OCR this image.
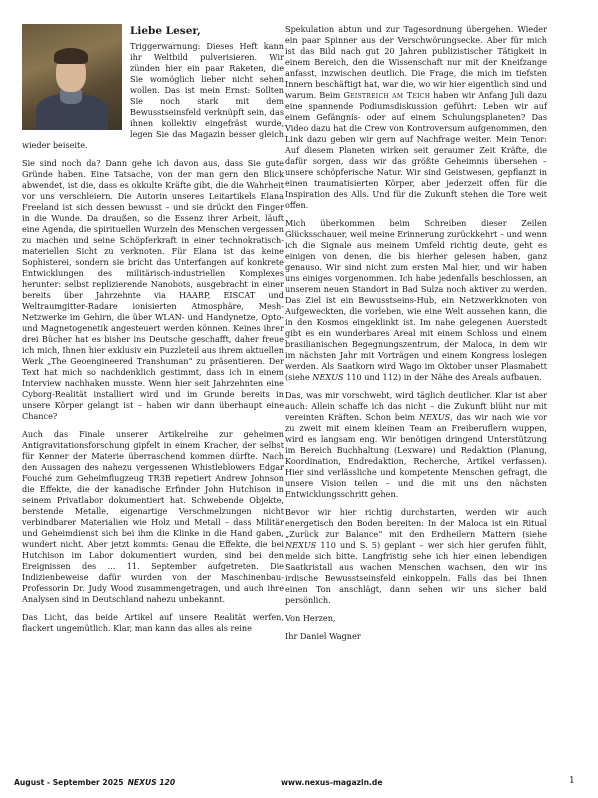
Liebe Leser,

Triggerwarnung: Dieses Heft kann ihr Weltbild pulverisieren. Wir zünden hier ein paar Raketen, die Sie womöglich lieber nicht sehen wollen. Das ist mein Ernst: Sollten Sie noch stark mit dem Bewusstseinsfeld verknüpft sein, das ihnen kollektiv eingefräst wurde, legen Sie das Magazin besser gleich wieder beiseite.

Sie sind noch da? Dann gehe ich davon aus, dass Sie gute Gründe haben. Eine Tatsache, von der man gern den Blick abwendet, ist die, dass es okkulte Kräfte gibt, die die Wahrheit vor uns verschleiern. Die Autorin unseres Leitartikels Elana Freeland ist sich dessen bewusst – und sie drückt den Finger in die Wunde. Da draußen, so die Essenz ihrer Arbeit, läuft eine Agenda, die spirituellen Wurzeln des Menschen vergessen zu machen und seine Schöpferkraft in einer technokratisch-materiellen Sicht zu verknoten. Für Elana ist das keine Sophisterei, sondern sie bricht das Unterfangen auf konkrete Entwicklungen des militärisch-industriellen Komplexes herunter: selbst replizierende Nanobots, ausgebracht in einer bereits über Jahrzehnte via HAARP, EISCAT und Weltraumgitter-Radare ionisierten Atmosphäre, Mesh-Netzwerke im Gehirn, die über WLAN- und Handynetze, Opto- und Magnetogenetik angesteuert werden können. Keines ihrer drei Bücher hat es bisher ins Deutsche geschafft, daher freue ich mich, Ihnen hier exklusiv ein Puzzleteil aus ihrem aktuellen Werk „The Geoengineered Transhuman“ zu präsentieren. Der Text hat mich so nachdenklich gestimmt, dass ich in einem Interview nachhaken musste. Wenn hier seit Jahrzehnten eine Cyborg-Realität installiert wird und im Grunde bereits in unsere Körper gelangt ist – haben wir dann überhaupt eine Chance?

Auch das Finale unserer Artikelreihe zur geheimen Antigravitationsforschung gipfelt in einem Kracher, der selbst für Kenner der Materie überraschend kommen dürfte. Nach den Aussagen des nahezu vergessenen Whistleblowers Edgar Fouché zum Geheimflugzeug TR3B repetiert Andrew Johnson die Effekte, die der kanadische Erfinder John Hutchison in seinem Privatlabor dokumentiert hat. Schwebende Objekte, berstende Metalle, eigenartige Verschmelzungen nicht verbindbarer Materialien wie Holz und Metall – dass Militär und Geheimdienst sich bei ihm die Klinke in die Hand gaben, wundert nicht. Aber jetzt kommts: Genau die Effekte, die bei Hutchison im Labor dokumentiert wurden, sind bei den Ereignissen des ... 11. September aufgetreten. Die Indizienbeweise dafür wurden von der Maschinenbau-Professorin Dr. Judy Wood zusammengetragen, und auch ihre Analysen sind in Deutschland nahezu unbekannt.

Das Licht, das beide Artikel auf unsere Realität werfen, flackert ungemütlich. Klar, man kann das alles als reine

Spekulation abtun und zur Tagesordnung übergehen. Wieder ein paar Spinner aus der Verschwörungsecke. Aber für mich ist das Bild nach gut 20 Jahren publizistischer Tätigkeit in einem Bereich, den die Wissenschaft nur mit der Kneifzange anfasst, inzwischen deutlich. Die Frage, die mich im tiefsten Innern beschäftigt hat, war die, wo wir hier eigentlich sind und warum. Beim Geistreich am Teich haben wir Anfang Juli dazu eine spannende Podiumsdiskussion geführt: Leben wir auf einem Gefängnis- oder auf einem Schulungsplaneten? Das Video dazu hat die Crew von Kontroversum aufgenommen, den Link dazu geben wir gern auf Nachfrage weiter. Mein Tenor: Auf diesem Planeten wirken seit geraumer Zeit Kräfte, die dafür sorgen, dass wir das größte Geheimnis übersehen – unsere schöpferische Natur. Wir sind Geistwesen, gepflanzt in einen traumatisierten Körper, aber jederzeit offen für die Inspiration des Alls. Und für die Zukunft stehen die Tore weit offen.

Mich überkommen beim Schreiben dieser Zeilen Glücksschauer, weil meine Erinnerung zurückkehrt – und wenn ich die Signale aus meinem Umfeld richtig deute, geht es einigen von denen, die bis hierher gelesen haben, ganz genauso. Wir sind nicht zum ersten Mal hier, und wir haben uns einiges vorgenommen. Ich habe jedenfalls beschlossen, an unserem neuen Standort in Bad Sulza noch aktiver zu werden. Das Ziel ist ein Bewusstseins-Hub, ein Netzwerkknoten von Aufgeweckten, die vorleben, wie eine Welt aussehen kann, die in den Kosmos eingeklinkt ist. Im nahe gelegenen Auerstedt gibt es ein wunderbares Areal mit einem Schloss und einem brasilianischen Begegnungszentrum, der Maloca, in dem wir im nächsten Jahr mit Vorträgen und einem Kongress loslegen werden. Als Saatkorn wird Wago im Oktober unser Plasmabett (siehe NEXUS 110 und 112) in der Nähe des Areals aufbauen.

Das, was mir vorschwebt, wird täglich deutlicher. Klar ist aber auch: Allein schaffe ich das nicht – die Zukunft blüht nur mit vereinten Kräften. Schon beim NEXUS, das wir nach wie vor zu zweit mit einem kleinen Team an Freiberuflern wuppen, wird es langsam eng. Wir benötigen dringend Unterstützung im Bereich Buchhaltung (Lexware) und Redaktion (Planung, Koordination, Endredaktion, Recherche, Artikel verfassen). Hier sind verlässliche und kompetente Menschen gefragt, die unsere Vision teilen – und die mit uns den nächsten Entwicklungsschritt gehen.

Bevor wir hier richtig durchstarten, werden wir auch energetisch den Boden bereiten: In der Maloca ist ein Ritual „Zurück zur Balance“ mit den Erdheilern Mattern (siehe NEXUS 110 und S. 5) geplant – wer sich hier gerufen fühlt, melde sich bitte. Langfristig sehe ich hier einen lebendigen Saatkristall aus wachen Menschen wachsen, den wir ins irdische Bewusstseinsfeld einkoppeln. Falls das bei Ihnen einen Ton anschlägt, dann sehen wir uns sicher bald persönlich.

Von Herzen,

Ihr Daniel Wagner

August - September 2025 NEXUS 120	www.nexus-magazin.de	1
